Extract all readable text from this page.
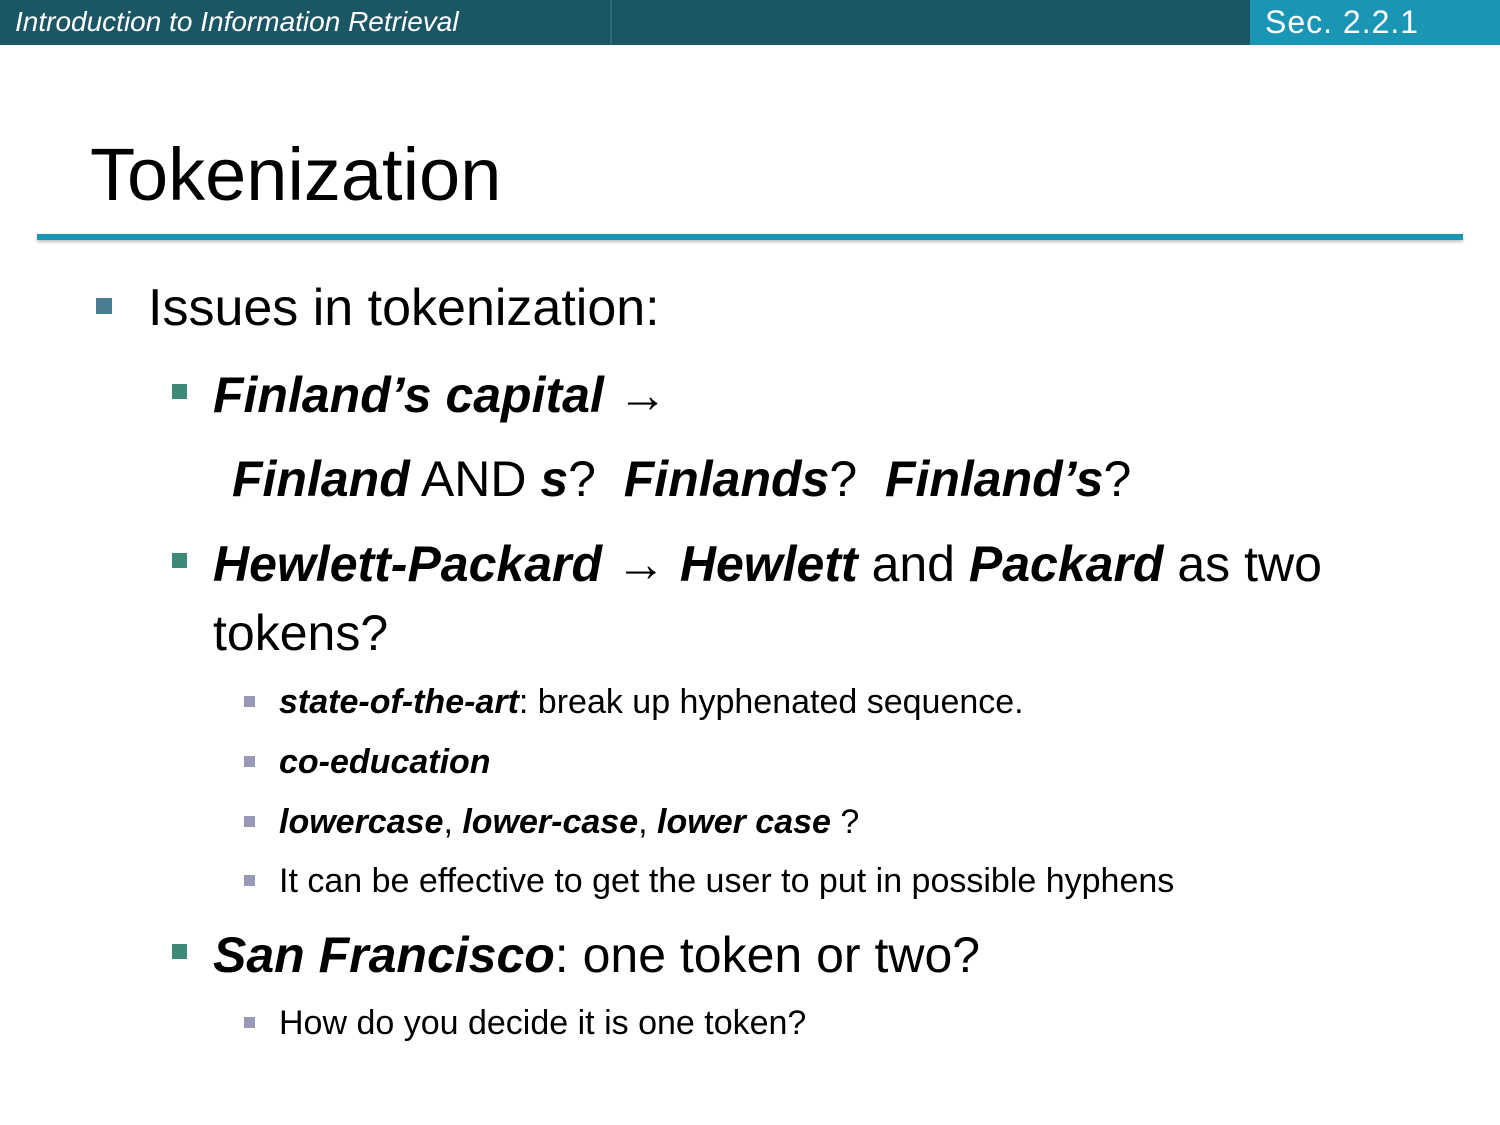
Introduction to Information Retrieval	Sec. 2.2.1
Tokenization
Issues in tokenization:
Finland’s capital →
Finland AND s?  Finlands?  Finland’s?
Hewlett-Packard → Hewlett and Packard as two
tokens?
state-of-the-art: break up hyphenated sequence.
co-education
lowercase, lower-case, lower case ?
It can be effective to get the user to put in possible hyphens
San Francisco: one token or two?
How do you decide it is one token?
